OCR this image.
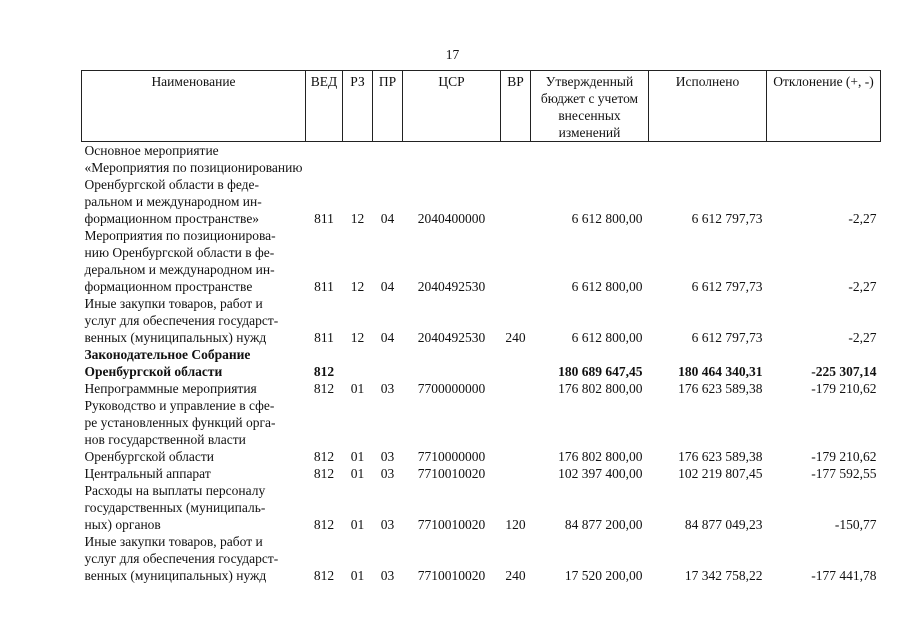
17
Наименование	ВЕД	РЗ	ПР	ЦСР	ВР	Утвержденный бюджет с учетом внесенных изменений	Исполнено	Отклонение (+, -)

Основное мероприятие «Мероприятия по позиционированию
Оренбургской области в феде-
ральном и международном ин-
формационном пространстве»	811	12	04	2040400000		6 612 800,00	6 612 797,73	-2,27

Мероприятия по позиционирова-
нию Оренбургской области в фе-
деральном и международном ин-
формационном пространстве	811	12	04	2040492530		6 612 800,00	6 612 797,73	-2,27

Иные закупки товаров, работ и
услуг для обеспечения государст-
венных (муниципальных) нужд	811	12	04	2040492530	240	6 612 800,00	6 612 797,73	-2,27

Законодательное Собрание
Оренбургской области	812					180 689 647,45	180 464 340,31	-225 307,14

Непрограммные мероприятия	812	01	03	7700000000		176 802 800,00	176 623 589,38	-179 210,62

Руководство и управление в сфе-
ре установленных функций орга-
нов государственной власти
Оренбургской области	812	01	03	7710000000		176 802 800,00	176 623 589,38	-179 210,62

Центральный аппарат	812	01	03	7710010020		102 397 400,00	102 219 807,45	-177 592,55

Расходы на выплаты персоналу
государственных (муниципаль-
ных) органов	812	01	03	7710010020	120	84 877 200,00	84 877 049,23	-150,77

Иные закупки товаров, работ и
услуг для обеспечения государст-
венных (муниципальных) нужд	812	01	03	7710010020	240	17 520 200,00	17 342 758,22	-177 441,78
